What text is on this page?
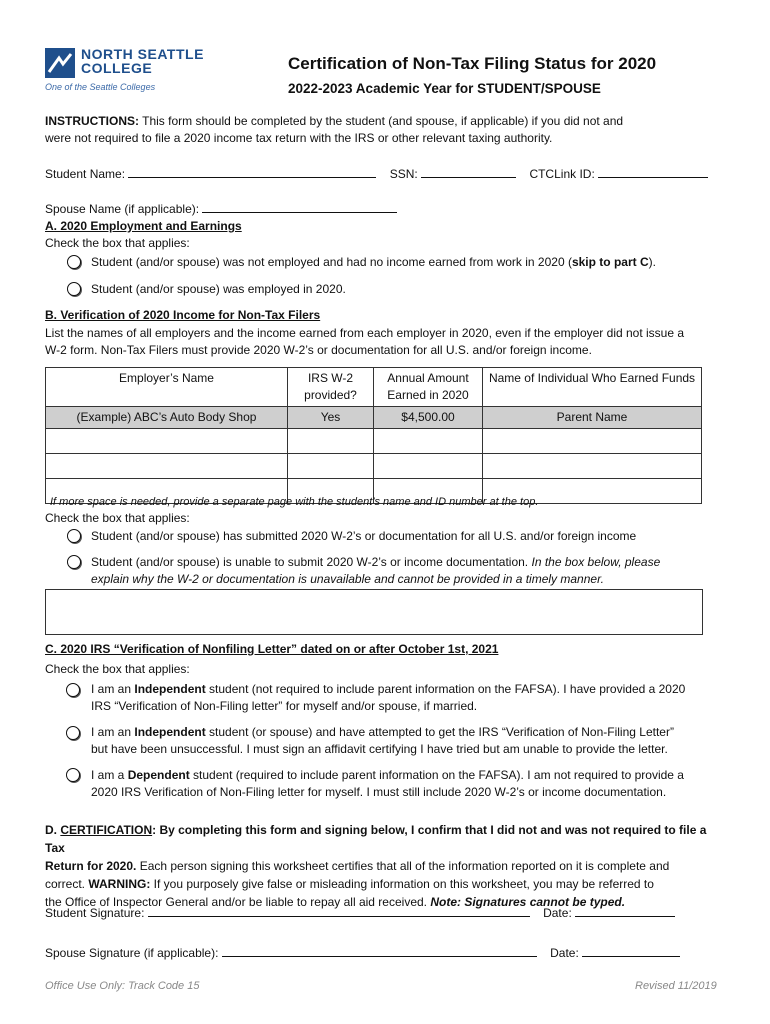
NORTH SEATTLE
COLLEGE
One of the Seattle Colleges
Certification of Non-Tax Filing Status for 2020
2022-2023 Academic Year for STUDENT/SPOUSE
INSTRUCTIONS: This form should be completed by the student (and spouse, if applicable) if you did not and
were not required to file a 2020 income tax return with the IRS or other relevant taxing authority.
Student Name:	SSN:	CTCLink ID:
Spouse Name (if applicable):
A. 2020 Employment and Earnings
Check the box that applies:
Student (and/or spouse) was not employed and had no income earned from work in 2020 (skip to part C).
Student (and/or spouse) was employed in 2020.
B. Verification of 2020 Income for Non-Tax Filers
List the names of all employers and the income earned from each employer in 2020, even if the employer did not issue a
W-2 form. Non-Tax Filers must provide 2020 W-2’s or documentation for all U.S. and/or foreign income.
Employer’s Name	IRS W-2 provided?	Annual Amount Earned in 2020	Name of Individual Who Earned Funds
(Example) ABC’s Auto Body Shop	Yes	$4,500.00	Parent Name

If more space is needed, provide a separate page with the student’s name and ID number at the top.
Check the box that applies:
Student (and/or spouse) has submitted 2020 W-2’s or documentation for all U.S. and/or foreign income
Student (and/or spouse) is unable to submit 2020 W-2’s or income documentation. In the box below, please
explain why the W-2 or documentation is unavailable and cannot be provided in a timely manner.
C. 2020 IRS “Verification of Nonfiling Letter” dated on or after October 1st, 2021
Check the box that applies:
I am an Independent student (not required to include parent information on the FAFSA). I have provided a 2020
IRS “Verification of Non-Filing letter” for myself and/or spouse, if married.
I am an Independent student (or spouse) and have attempted to get the IRS “Verification of Non-Filing Letter”
but have been unsuccessful. I must sign an affidavit certifying I have tried but am unable to provide the letter.
I am a Dependent student (required to include parent information on the FAFSA). I am not required to provide a
2020 IRS Verification of Non-Filing letter for myself. I must still include 2020 W-2’s or income documentation.
D. CERTIFICATION: By completing this form and signing below, I confirm that I did not and was not required to file a Tax
Return for 2020. Each person signing this worksheet certifies that all of the information reported on it is complete and
correct. WARNING: If you purposely give false or misleading information on this worksheet, you may be referred to
the Office of Inspector General and/or be liable to repay all aid received. Note: Signatures cannot be typed.
Student Signature:	Date:
Spouse Signature (if applicable):	Date:
Office Use Only: Track Code 15	Revised 11/2019
